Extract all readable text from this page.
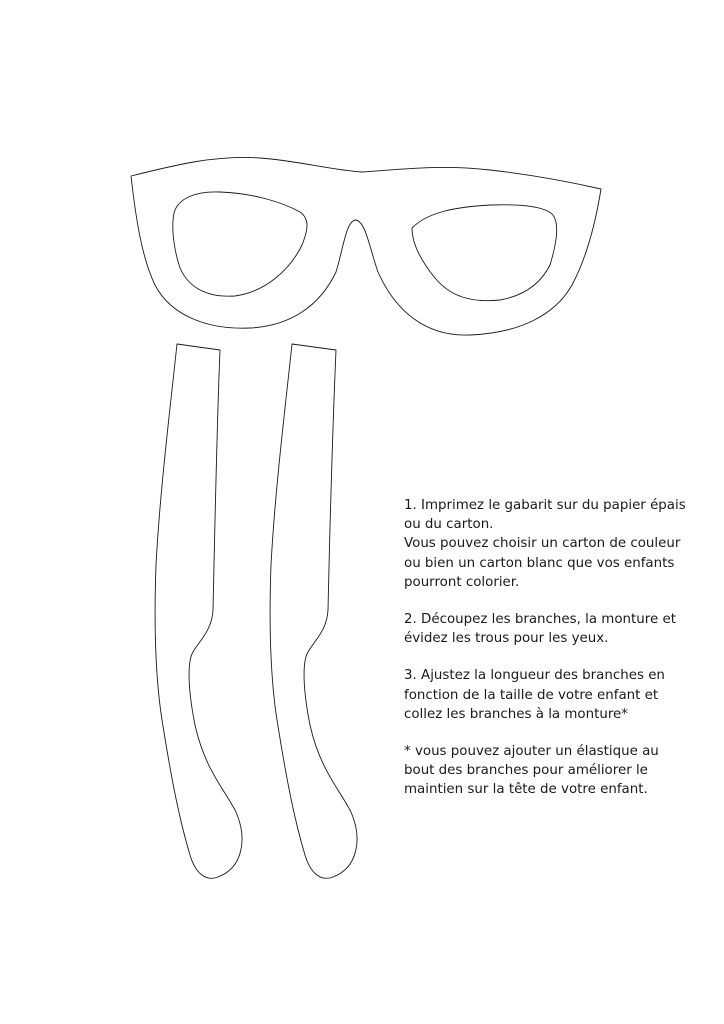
1. Imprimez le gabarit sur du papier épais
ou du carton.
Vous pouvez choisir un carton de couleur
ou bien un carton blanc que vos enfants
pourront colorier.

2. Découpez les branches, la monture et
évidez les trous pour les yeux.

3. Ajustez la longueur des branches en
fonction de la taille de votre enfant et
collez les branches à la monture*

* vous pouvez ajouter un élastique au
bout des branches pour améliorer le
maintien sur la tête de votre enfant.
